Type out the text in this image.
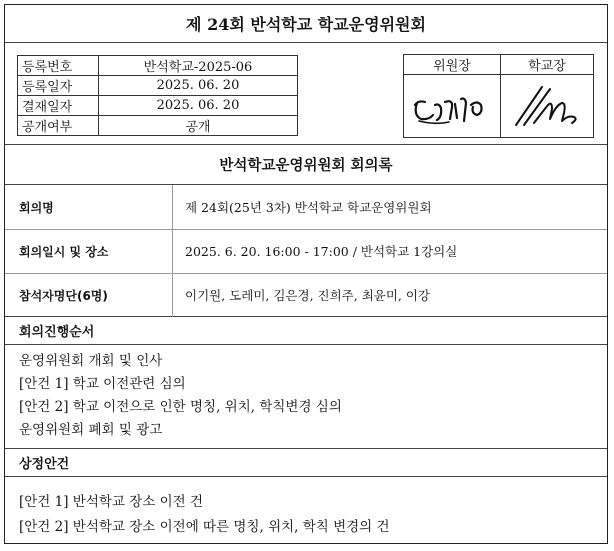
제 24회 반석학교 학교운영위원회
등록번호	반석학교-2025-06
등록일자	2025. 06. 20
결재일자	2025. 06. 20
공개여부	공개
위원장	학교장

반석학교운영위원회 회의록
회의명	제 24회(25년 3차) 반석학교 학교운영위원회
회의일시 및 장소	2025. 6. 20. 16:00 - 17:00 / 반석학교 1강의실
참석자명단(6명)	이기원, 도레미, 김은경, 진희주, 최윤미, 이강
회의진행순서
운영위원회 개회 및 인사
[안건 1] 학교 이전관련 심의
[안건 2] 학교 이전으로 인한 명칭, 위치, 학칙변경 심의
운영위원회 폐회 및 광고
상정안건
[안건 1] 반석학교 장소 이전 건
[안건 2] 반석학교 장소 이전에 따른 명칭, 위치, 학칙 변경의 건
